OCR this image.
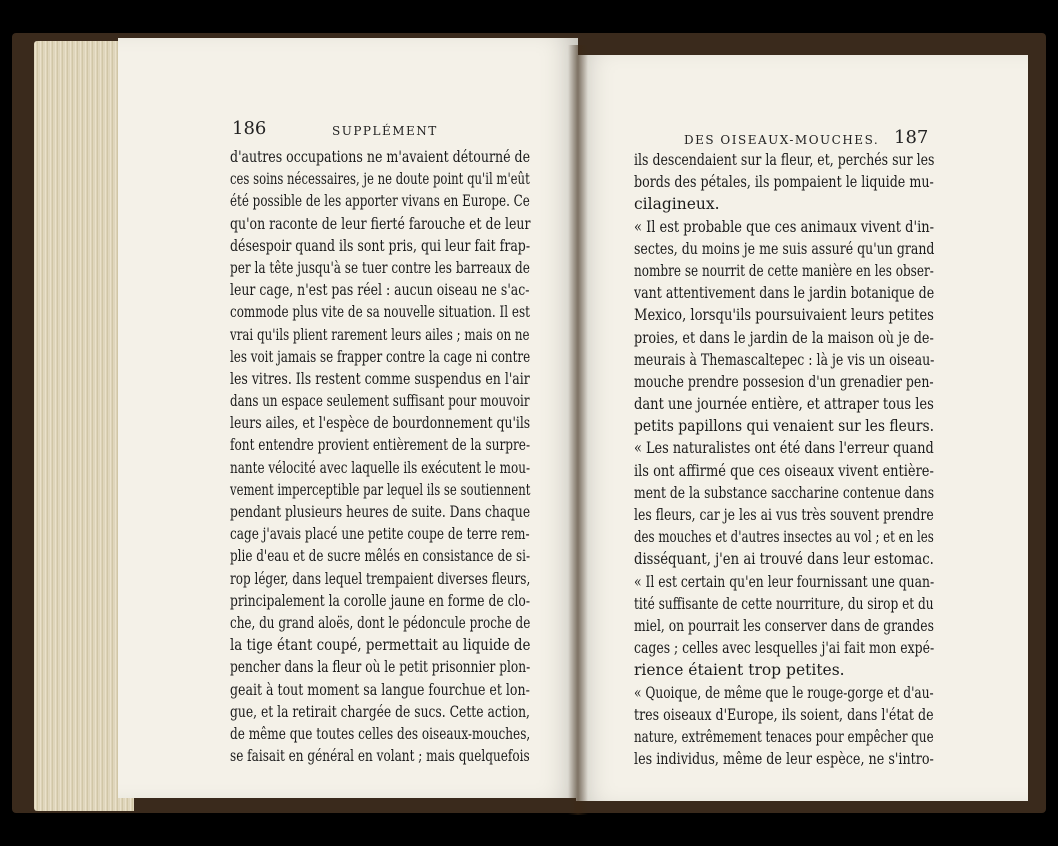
186	SUPPLÉMENT
d'autres occupations ne m'avaient détourné de
ces soins nécessaires, je ne doute point qu'il m'eût
été possible de les apporter vivans en Europe. Ce
qu'on raconte de leur fierté farouche et de leur
désespoir quand ils sont pris, qui leur fait frap-
per la tête jusqu'à se tuer contre les barreaux de
leur cage, n'est pas réel : aucun oiseau ne s'ac-
commode plus vite de sa nouvelle situation. Il est
vrai qu'ils plient rarement leurs ailes ; mais on ne
les voit jamais se frapper contre la cage ni contre
les vitres. Ils restent comme suspendus en l'air
dans un espace seulement suffisant pour mouvoir
leurs ailes, et l'espèce de bourdonnement qu'ils
font entendre provient entièrement de la surpre-
nante vélocité avec laquelle ils exécutent le mou-
vement imperceptible par lequel ils se soutiennent
pendant plusieurs heures de suite. Dans chaque
cage j'avais placé une petite coupe de terre rem-
plie d'eau et de sucre mêlés en consistance de si-
rop léger, dans lequel trempaient diverses fleurs,
principalement la corolle jaune en forme de clo-
che, du grand aloës, dont le pédoncule proche de
la tige étant coupé, permettait au liquide de
pencher dans la fleur où le petit prisonnier plon-
geait à tout moment sa langue fourchue et lon-
gue, et la retirait chargée de sucs. Cette action,
de même que toutes celles des oiseaux-mouches,
se faisait en général en volant ; mais quelquefois
DES OISEAUX-MOUCHES. 187
ils descendaient sur la fleur, et, perchés sur les
bords des pétales, ils pompaient le liquide mu-
cilagineux.
« Il est probable que ces animaux vivent d'in-
sectes, du moins je me suis assuré qu'un grand
nombre se nourrit de cette manière en les obser-
vant attentivement dans le jardin botanique de
Mexico, lorsqu'ils poursuivaient leurs petites
proies, et dans le jardin de la maison où je de-
meurais à Themascaltepec : là je vis un oiseau-
mouche prendre possesion d'un grenadier pen-
dant une journée entière, et attraper tous les
petits papillons qui venaient sur les fleurs.
« Les naturalistes ont été dans l'erreur quand
ils ont affirmé que ces oiseaux vivent entière-
ment de la substance saccharine contenue dans
les fleurs, car je les ai vus très souvent prendre
des mouches et d'autres insectes au vol ; et en les
disséquant, j'en ai trouvé dans leur estomac.
« Il est certain qu'en leur fournissant une quan-
tité suffisante de cette nourriture, du sirop et du
miel, on pourrait les conserver dans de grandes
cages ; celles avec lesquelles j'ai fait mon expé-
rience étaient trop petites.
« Quoique, de même que le rouge-gorge et d'au-
tres oiseaux d'Europe, ils soient, dans l'état de
nature, extrêmement tenaces pour empêcher que
les individus, même de leur espèce, ne s'intro-
